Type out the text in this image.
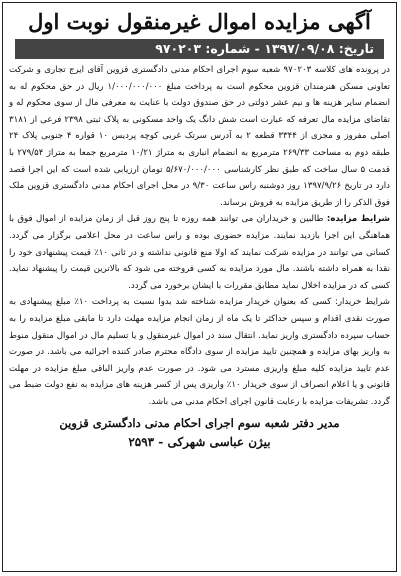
آگهی مزایده اموال غیرمنقول نوبت اول
تاریخ: ۱۳۹۷/۰۹/۰۸ - شماره: ۹۷۰۲۰۳

در پرونده های کلاسه ۹۷۰۲۰۳ شعبه سوم اجرای احکام مدنی دادگستری قزوین آقای ایرج تجاری و شرکت تعاونی مسکن هنرمندان قزوین محکوم است به پرداخت مبلغ ۱/۰۰۰/۰۰۰/۰۰۰ ریال در حق محکوم له به انضمام سایر هزینه ها و نیم عشر دولتی در حق صندوق دولت با عنایت به معرفی مال از سوی محکوم له و تقاضای مزایده مال تعرفه که عبارت است شش دانگ یک واحد مسکونی به پلاک ثبتی ۲۳۹۸ فرعی از ۳۱۸۱ اصلی مفروز و مجزی از ۳۳۴۴ قطعه ۲ به آدرس سرتک غربی کوچه پردیس ۱۰ قواره ۴ جنوبی پلاک ۲۴ طبقه دوم به مساحت ۲۶۹/۳۳ مترمربع به انضمام انباری به متراژ ۱۰/۲۱ مترمربع جمعا به متراژ ۲۷۹/۵۴ با قدمت ۵ سال ساخت که طبق نظر کارشناسی ۵/۶۷۰/۰۰۰/۰۰۰ تومان ارزیابی شده است که این اجرا قصد دارد در تاریخ ۱۳۹۷/۹/۲۶ روز دوشنبه راس ساعت ۹/۳۰ در محل اجرای احکام مدنی دادگستری قزوین ملک فوق الذکر را از طریق مزایده به فروش برساند.

شرایط مزایده: طالبین و خریداران می توانند همه روزه تا پنج روز قبل از زمان مزایده از اموال فوق با هماهنگی این اجرا بازدید نمایند. مزایده حضوری بوده و راس ساعت در محل اعلامی برگزار می گردد. کسانی می توانند در مزایده شرکت نمایند که اولا منع قانونی نداشته و در ثانی ۱۰٪ قیمت پیشنهادی خود را نقدا به همراه داشته باشند. مال مورد مزایده به کسی فروخته می شود که بالاترین قیمت را پیشنهاد نماید. کسی که در مزایده اخلال نماید مطابق مقررات با ایشان برخورد می گردد.

شرایط خریدار: کسی که بعنوان خریدار مزایده شناخته شد بدوا نسبت به پرداخت ۱۰٪ مبلغ پیشنهادی به صورت نقدی اقدام و سپس حداکثر تا یک ماه از زمان انجام مزایده مهلت دارد تا مابقی مبلغ مزایده را به حساب سپرده دادگستری واریز نماید. انتقال سند در اموال غیرمنقول و یا تسلیم مال در اموال منقول منوط به واریز بهای مزایده و همچنین تایید مزایده از سوی دادگاه محترم صادر کننده اجرائیه می باشد. در صورت عدم تایید مزایده کلیه مبلغ واریزی مسترد می شود. در صورت عدم واریز الباقی مبلغ مزایده در مهلت قانونی و یا اعلام انصراف از سوی خریدار ۱۰٪ واریزی پس از کسر هزینه های مزایده به نفع دولت ضبط می گردد. تشریفات مزایده با رعایت قانون اجرای احکام مدنی می باشد.

مدیر دفتر شعبه سوم اجرای احکام مدنی دادگستری قزوین
بیژن عباسی شهرکی - ۲۵۹۳
